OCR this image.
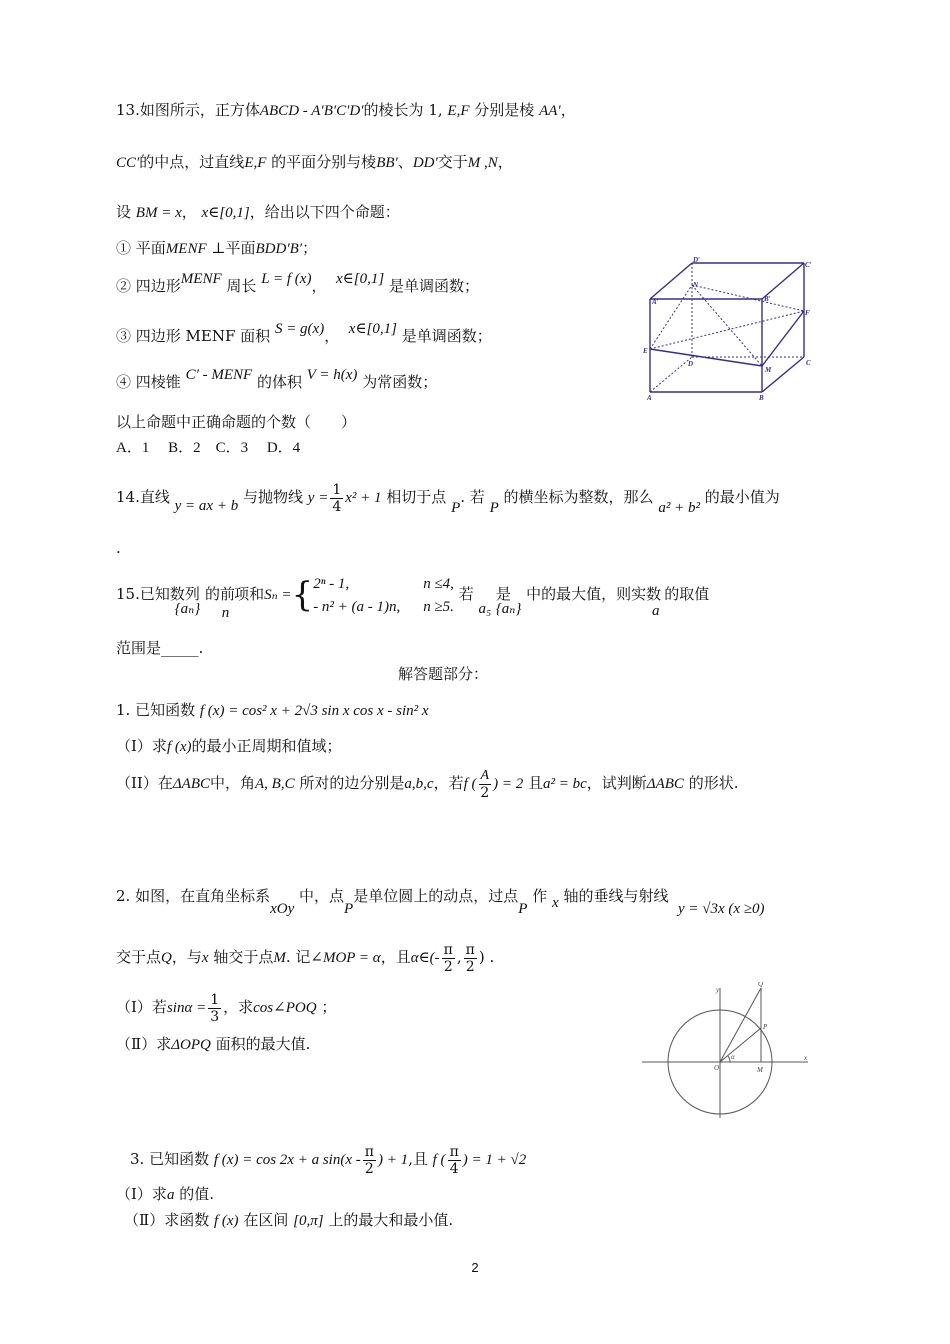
13.如图所示，正方体ABCD - A′B′C′D′的棱长为 1, E,F 分别是棱 AA′，
CC′的中点，过直线E,F 的平面分别与棱BB′、DD′交于M ,N，
设 BM = x， x∈[0,1]，给出以下四个命题：
① 平面MENF ⊥平面BDD′B′；
② 四边形MENF 周长 L = f (x)， x∈[0,1] 是单调函数；
③ 四边形 MENF 面积 S = g(x)， x∈[0,1] 是单调函数；
④ 四棱锥 C′ - MENF 的体积 V = h(x) 为常函数；
以上命题中正确命题的个数（　　）
A．1　 B．2　C．3　 D．4
D′
C′
N
A′	B′
F
E
D	C
M
A	B
14.直线 y = ax + b 与抛物线 $y = \frac{1}{4} x^2 + 1$ 相切于点 P. 若 P 的横坐标为整数，那么 a² + b² 的最小值为
.
15.已知数列 {aₙ} 的前 n 项和Sₙ ={ 2ⁿ - 1,	n ≤4,
- n² + (a - 1)n, n ≥5.
若 a₅ 是 {aₙ} 中的最大值，则实数 a 的取值
范围是_____.
解答题部分：
1. 已知函数 f (x) = cos² x + 2√3 sin x cos x - sin² x
（I）求f (x)的最小正周期和值域；
（II）在ΔABC中，角A, B,C 所对的边分别是a,b,c，若f ( $\frac{A}{2}$ ) = 2 且a² = bc，试判断ΔABC 的形状.
2. 如图，在直角坐标系xOy 中，点P是单位圆上的动点，过点P 作 x 轴的垂线与射线  y = √3x (x ≥0)
交于点Q，与x 轴交于点M. 记∠MOP = α，且α∈(- $\frac{\pi}{2}$ , $\frac{\pi}{2}$ ) .
（Ⅰ）若$\sin\alpha = \frac{1}{3}$ ，求cos∠POQ ；
（Ⅱ）求ΔOPQ 面积的最大值.
y
Q
P
α
O	M
x
3. 已知函数 f (x) = cos 2x + a $\sin(x - \frac{\pi}{2}$ ) + 1,且 f ( $\frac{\pi}{4}$ ) = 1 + √2
（Ⅰ）求a 的值.
（Ⅱ）求函数 f (x) 在区间 [0,π] 上的最大和最小值.
2
